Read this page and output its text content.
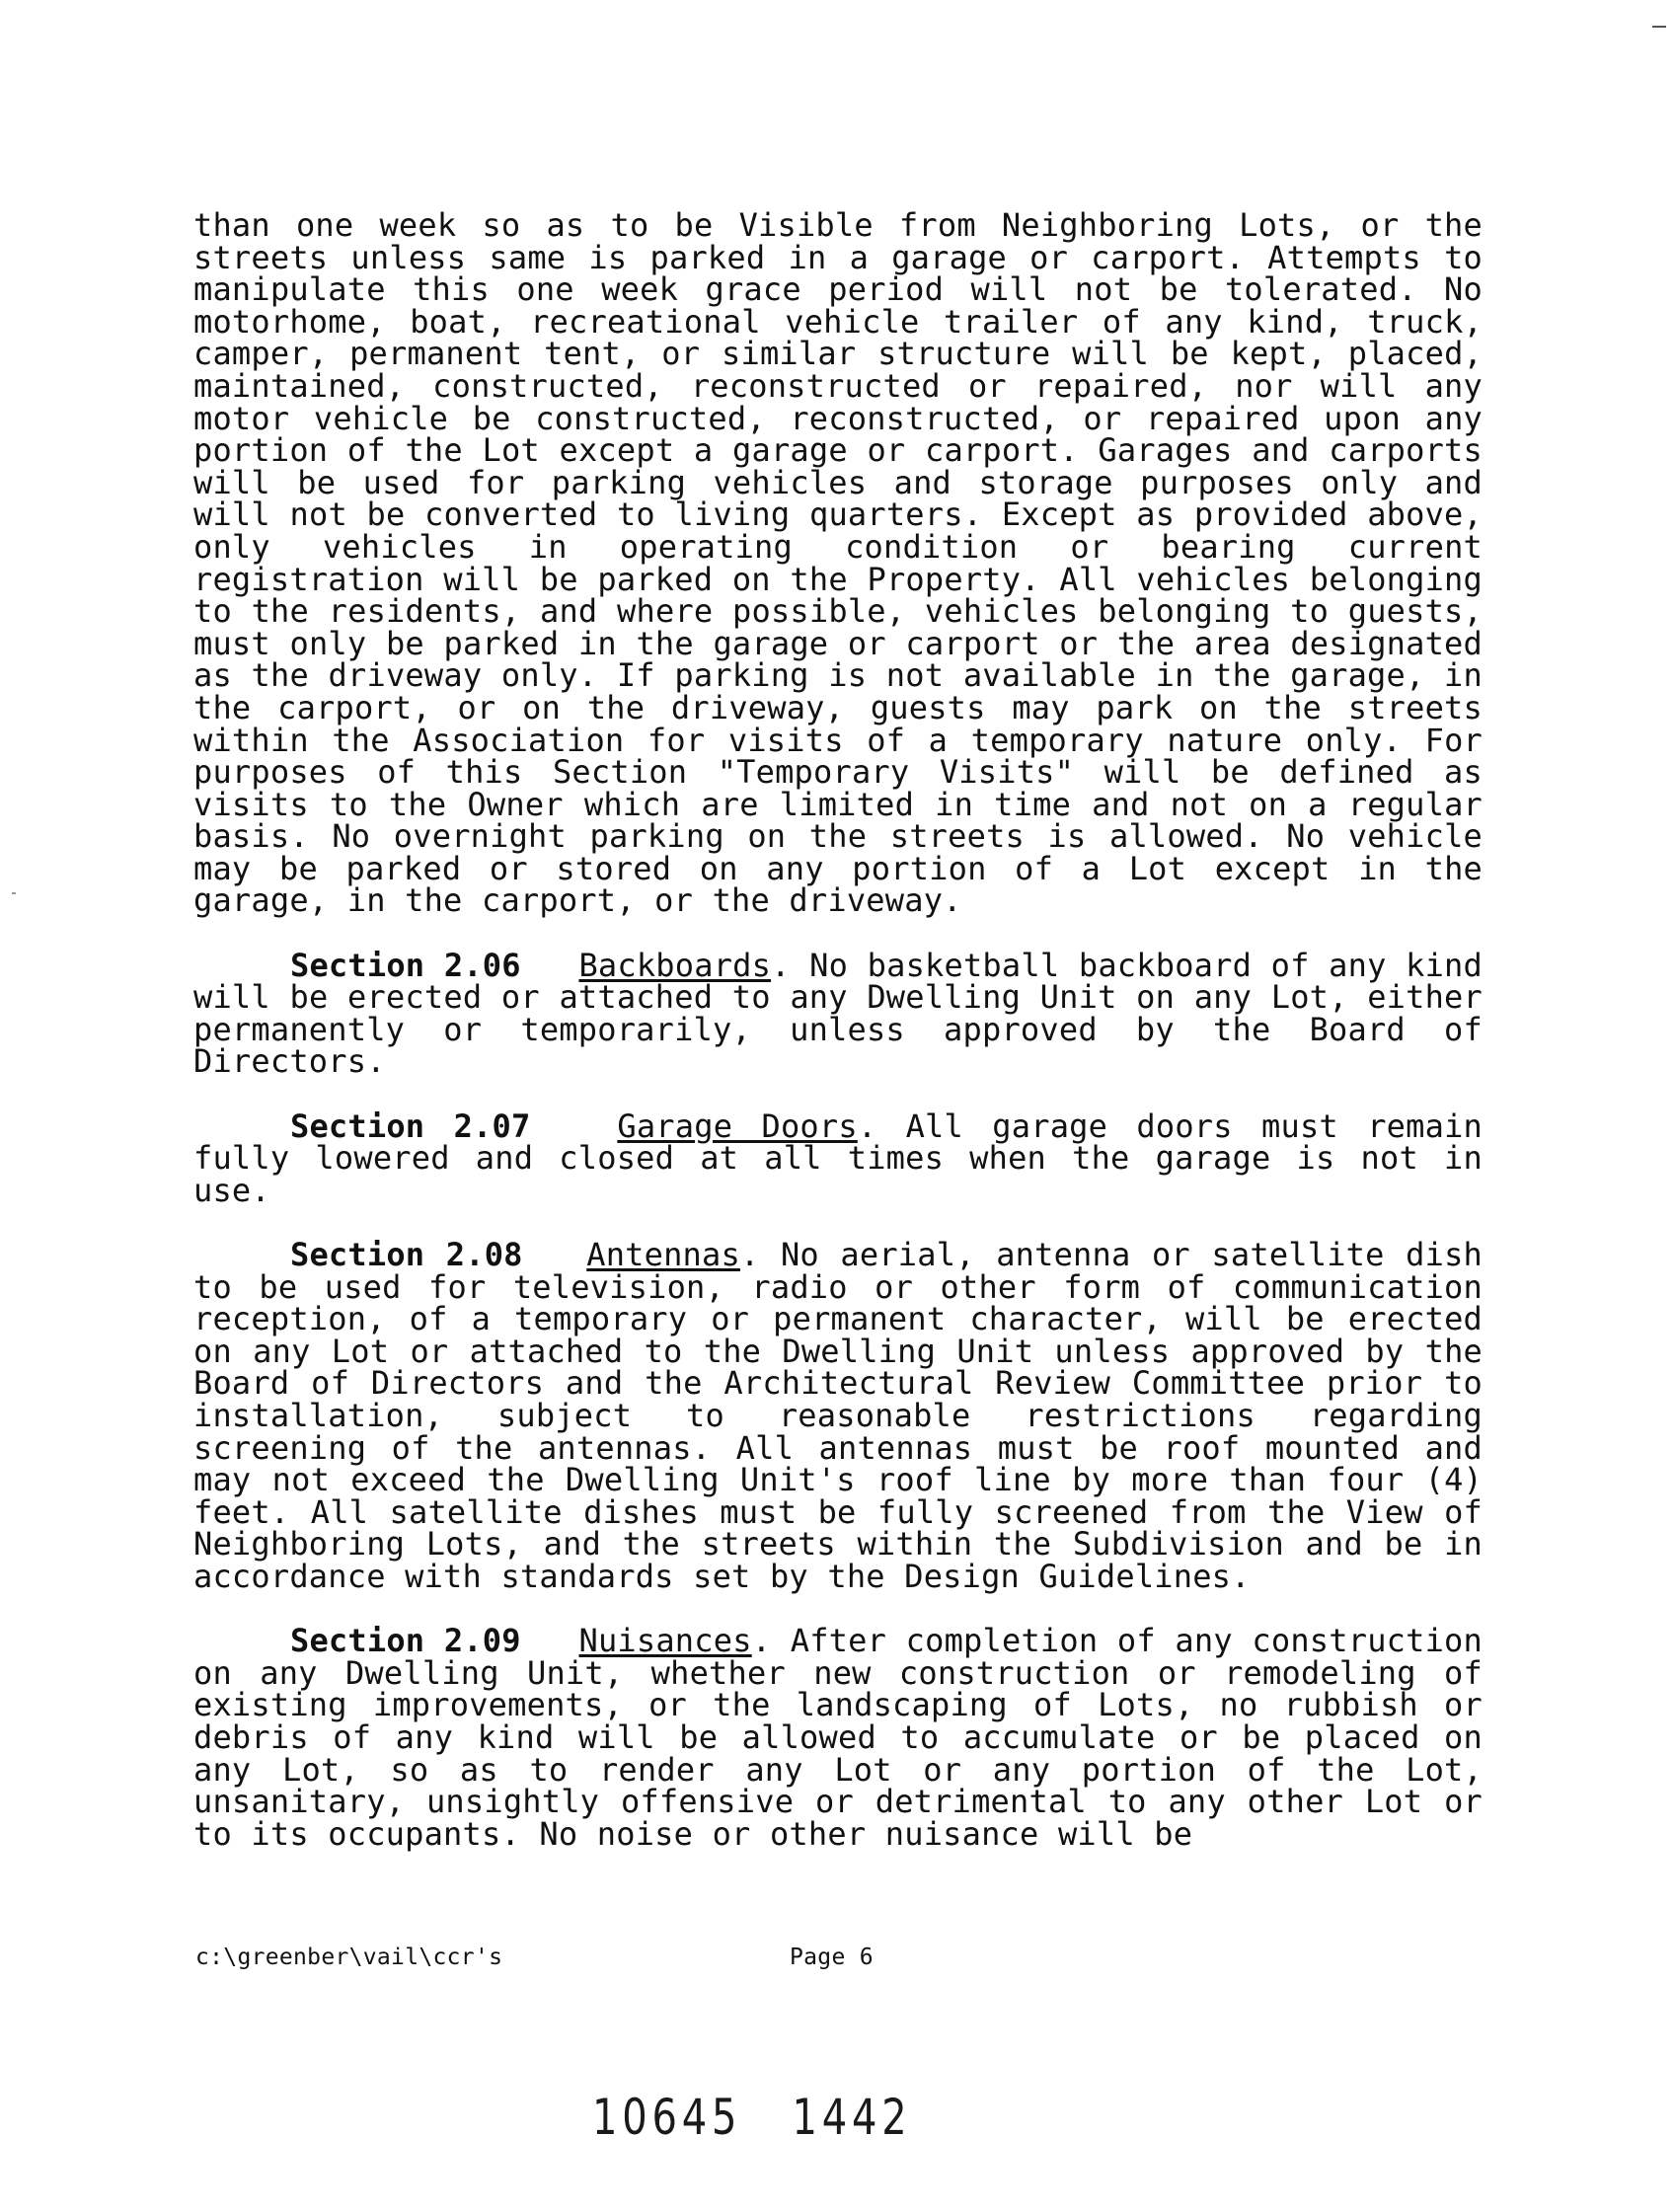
than one week so as to be Visible from Neighboring Lots, or the streets unless same is parked in a garage or carport. Attempts to manipulate this one week grace period will not be tolerated. No motorhome, boat, recreational vehicle trailer of any kind, truck, camper, permanent tent, or similar structure will be kept, placed, maintained, constructed, reconstructed or repaired, nor will any motor vehicle be constructed, reconstructed, or repaired upon any portion of the Lot except a garage or carport. Garages and carports will be used for parking vehicles and storage purposes only and will not be converted to living quarters. Except as provided above, only vehicles in operating condition or bearing current registration will be parked on the Property. All vehicles belonging to the residents, and where possible, vehicles belonging to guests, must only be parked in the garage or carport or the area designated as the driveway only. If parking is not available in the garage, in the carport, or on the driveway, guests may park on the streets within the Association for visits of a temporary nature only. For purposes of this Section "Temporary Visits" will be defined as visits to the Owner which are limited in time and not on a regular basis. No overnight parking on the streets is allowed. No vehicle may be parked or stored on any portion of a Lot except in the garage, in the carport, or the driveway.

Section 2.06 Backboards. No basketball backboard of any kind will be erected or attached to any Dwelling Unit on any Lot, either permanently or temporarily, unless approved by the Board of Directors.

Section 2.07	Garage Doors. All garage doors must remain fully lowered and closed at all times when the garage is not in use.

Section 2.08 Antennas. No aerial, antenna or satellite dish to be used for television, radio or other form of communication reception, of a temporary or permanent character, will be erected on any Lot or attached to the Dwelling Unit unless approved by the Board of Directors and the Architectural Review Committee prior to installation, subject to reasonable restrictions regarding screening of the antennas. All antennas must be roof mounted and may not exceed the Dwelling Unit's roof line by more than four (4) feet. All satellite dishes must be fully screened from the View of Neighboring Lots, and the streets within the Subdivision and be in accordance with standards set by the Design Guidelines.

Section 2.09 Nuisances. After completion of any construction on any Dwelling Unit, whether new construction or remodeling of existing improvements, or the landscaping of Lots, no rubbish or debris of any kind will be allowed to accumulate or be placed on any Lot, so as to render any Lot or any portion of the Lot, unsanitary, unsightly offensive or detrimental to any other Lot or to its occupants. No noise or other nuisance will be

c:\greenber\vail\ccr's	Page 6
10645 1442
